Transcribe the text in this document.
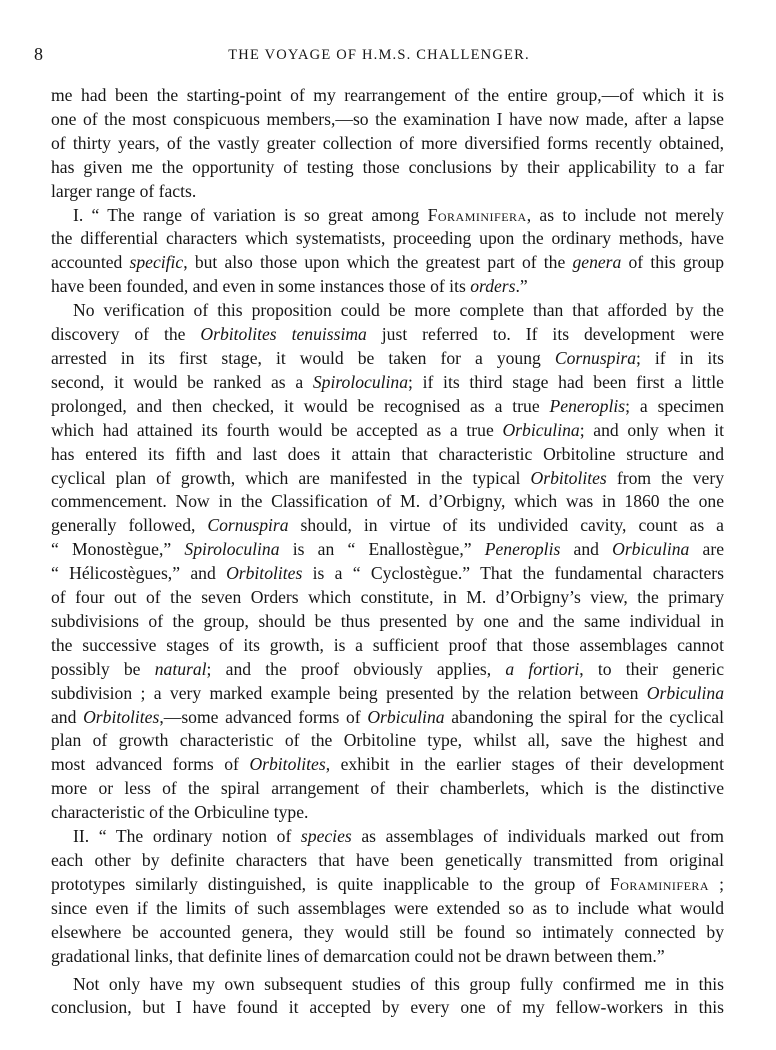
8	THE VOYAGE OF H.M.S. CHALLENGER.
me had been the starting-point of my rearrangement of the entire group,—of which it is
one of the most conspicuous members,—so the examination I have now made, after a lapse
of thirty years, of the vastly greater collection of more diversified forms recently obtained,
has given me the opportunity of testing those conclusions by their applicability to a far
larger range of facts.
I. “ The range of variation is so great among Foraminifera, as to include not merely
the differential characters which systematists, proceeding upon the ordinary methods, have
accounted specific, but also those upon which the greatest part of the genera of this group
have been founded, and even in some instances those of its orders.”
No verification of this proposition could be more complete than that afforded by the
discovery of the Orbitolites tenuissima just referred to. If its development were
arrested in its first stage, it would be taken for a young Cornuspira; if in its
second, it would be ranked as a Spiroloculina; if its third stage had been first a little
prolonged, and then checked, it would be recognised as a true Peneroplis; a specimen
which had attained its fourth would be accepted as a true Orbiculina; and only when it
has entered its fifth and last does it attain that characteristic Orbitoline structure and
cyclical plan of growth, which are manifested in the typical Orbitolites from the very
commencement. Now in the Classification of M. d’Orbigny, which was in 1860 the one
generally followed, Cornuspira should, in virtue of its undivided cavity, count as a
“ Monostègue,” Spiroloculina is an “ Enallostègue,” Peneroplis and Orbiculina are
“ Hélicostègues,” and Orbitolites is a “ Cyclostègue.” That the fundamental characters
of four out of the seven Orders which constitute, in M. d’Orbigny’s view, the primary
subdivisions of the group, should be thus presented by one and the same individual in
the successive stages of its growth, is a sufficient proof that those assemblages cannot
possibly be natural; and the proof obviously applies, a fortiori, to their generic
subdivision ; a very marked example being presented by the relation between Orbiculina
and Orbitolites,—some advanced forms of Orbiculina abandoning the spiral for the cyclical
plan of growth characteristic of the Orbitoline type, whilst all, save the highest and
most advanced forms of Orbitolites, exhibit in the earlier stages of their development
more or less of the spiral arrangement of their chamberlets, which is the distinctive
characteristic of the Orbiculine type.
II. “ The ordinary notion of species as assemblages of individuals marked out from
each other by definite characters that have been genetically transmitted from original
prototypes similarly distinguished, is quite inapplicable to the group of Foraminifera ;
since even if the limits of such assemblages were extended so as to include what would
elsewhere be accounted genera, they would still be found so intimately connected by
gradational links, that definite lines of demarcation could not be drawn between them.”
Not only have my own subsequent studies of this group fully confirmed me in this
conclusion, but I have found it accepted by every one of my fellow-workers in this
